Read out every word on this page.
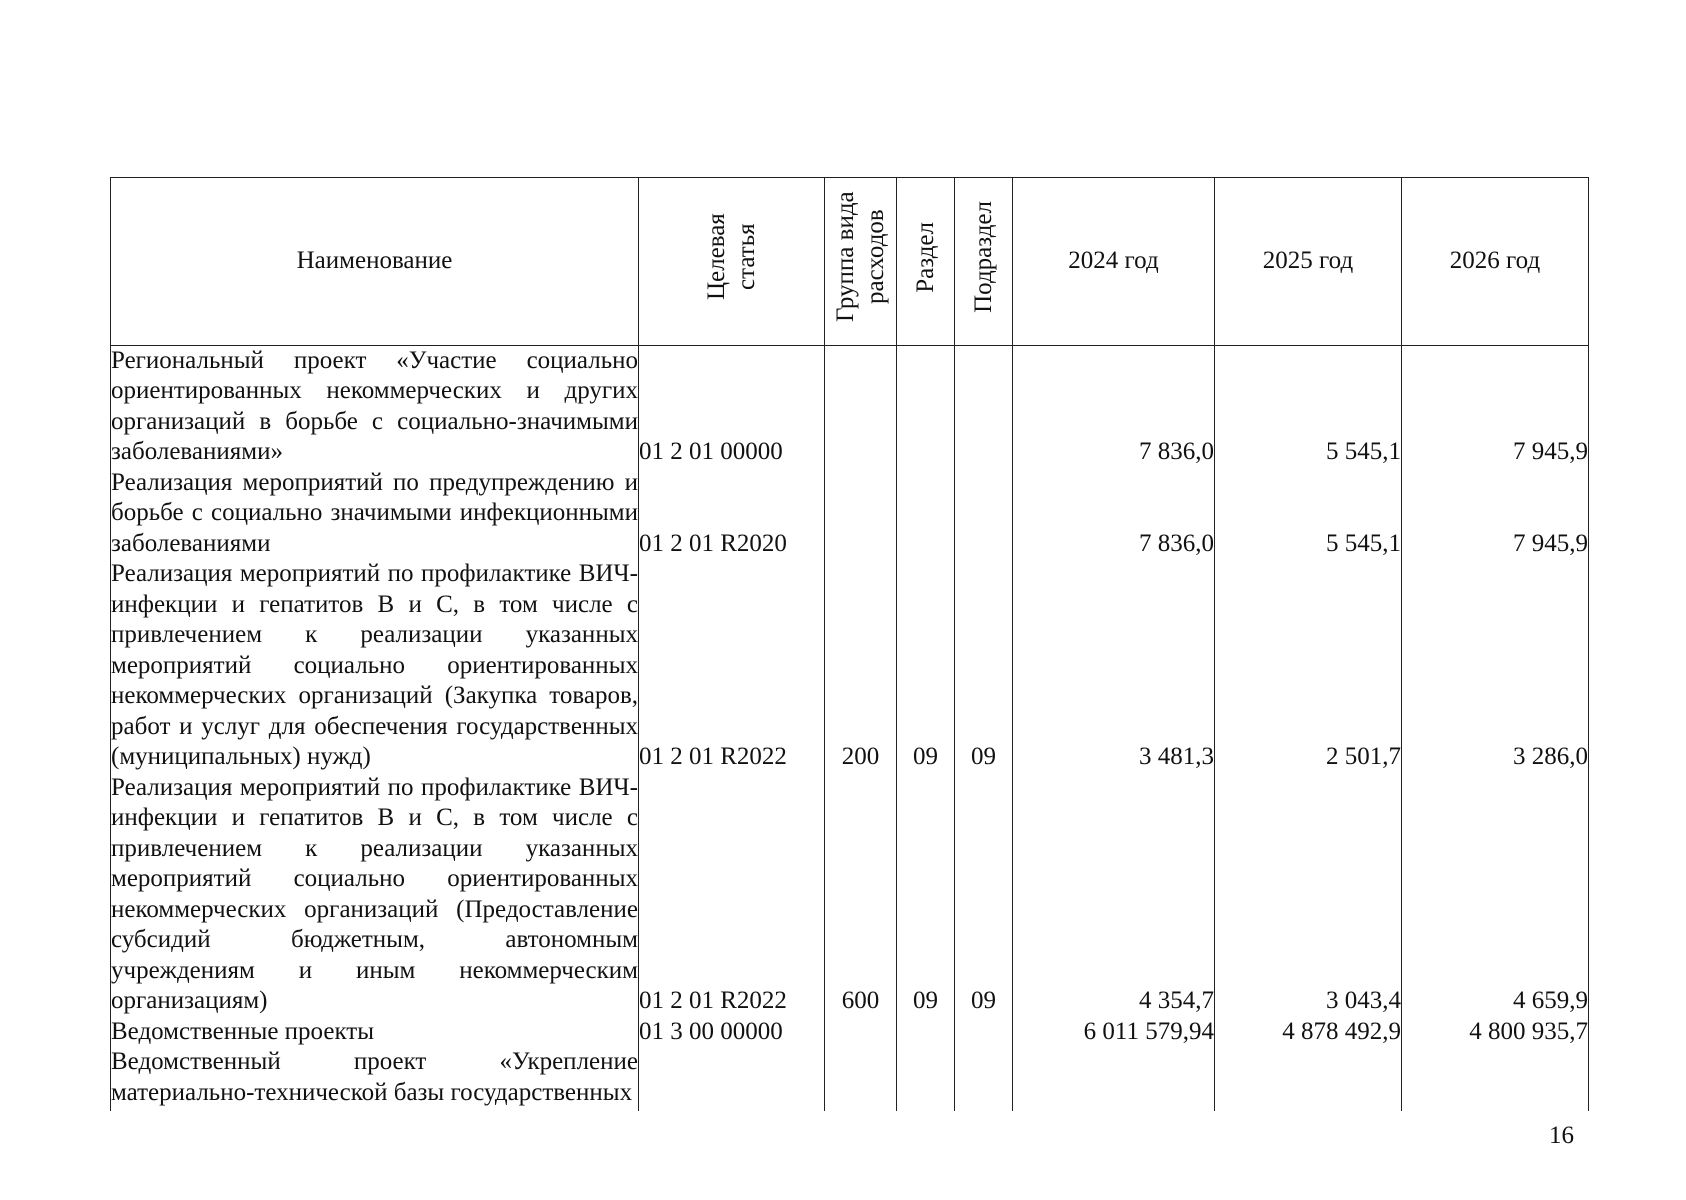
Наименование	Целевая статья	Группа вида расходов	Раздел	Подраздел	2024 год	2025 год	2026 год
Региональный проект «Участие социально ориентированных некоммерческих и других организаций в борьбе с социально-значимыми заболеваниями»	01 2 01 00000				7 836,0	5 545,1	7 945,9
Реализация мероприятий по предупреждению и борьбе с социально значимыми инфекционными заболеваниями	01 2 01 R2020				7 836,0	5 545,1	7 945,9
Реализация мероприятий по профилактике ВИЧ-инфекции и гепатитов B и C, в том числе с привлечением к реализации указанных мероприятий социально ориентированных некоммерческих организаций (Закупка товаров, работ и услуг для обеспечения государственных (муниципальных) нужд)	01 2 01 R2022	200	09	09	3 481,3	2 501,7	3 286,0
Реализация мероприятий по профилактике ВИЧ-инфекции и гепатитов B и C, в том числе с привлечением к реализации указанных мероприятий социально ориентированных некоммерческих организаций (Предоставление субсидий бюджетным, автономным учреждениям и иным некоммерческим организациям)	01 2 01 R2022	600	09	09	4 354,7	3 043,4	4 659,9
Ведомственные проекты	01 3 00 00000				6 011 579,94	4 878 492,9	4 800 935,7
Ведомственный проект «Укрепление материально-технической базы государственных							
16
